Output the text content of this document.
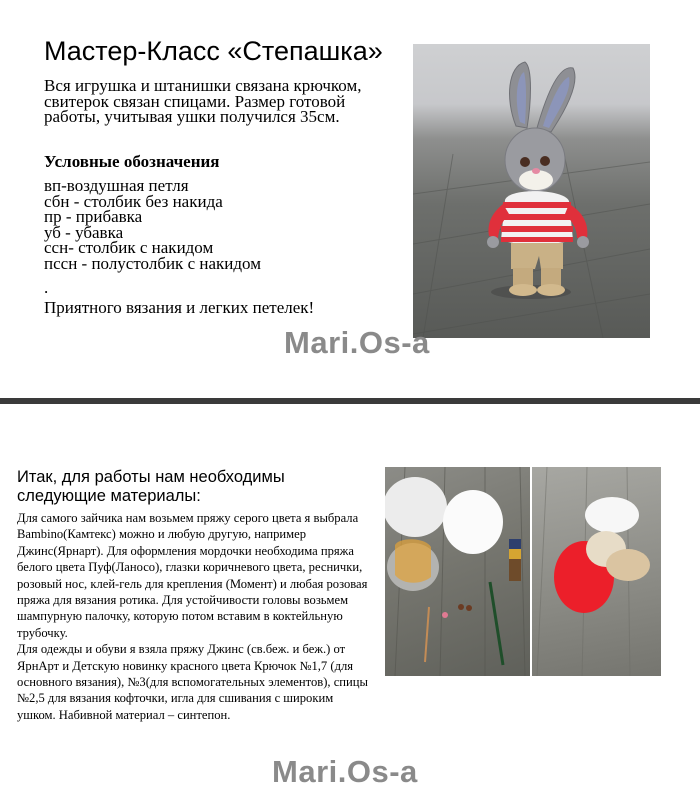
Мастер-Класс «Степашка»

Вся игрушка и штанишки связана крючком, свитерок связан спицами. Размер готовой работы, учитывая ушки получился 35см.

Условные обозначения

вп-воздушная петля
сбн - столбик без накида
пр - прибавка
уб - убавка
ссн- столбик с накидом
пссн - полустолбик с накидом
.

Приятного вязания и легких петелек!

Mari.Os-a
Итак, для работы нам необходимы следующие материалы:

Для самого зайчика нам возьмем пряжу серого цвета я выбрала Bambino(Камтекс) можно и любую другую, например Джинс(Ярнарт). Для оформления мордочки необходима пряжа белого цвета Пуф(Ланосо), глазки коричневого цвета, реснички, розовый нос, клей-гель для крепления (Момент) и любая розовая пряжа для вязания ротика. Для устойчивости головы возьмем шампурную палочку, которую потом вставим в коктейльную трубочку.

Для одежды и обуви я взяла пряжу Джинс (св.беж. и беж.) от ЯрнАрт и Детскую новинку красного цвета Крючок №1,7 (для основного вязания), №3(для вспомогательных элементов), спицы №2,5 для вязания кофточки, игла для сшивания с широким ушком. Набивной материал – синтепон.

Mari.Os-a
